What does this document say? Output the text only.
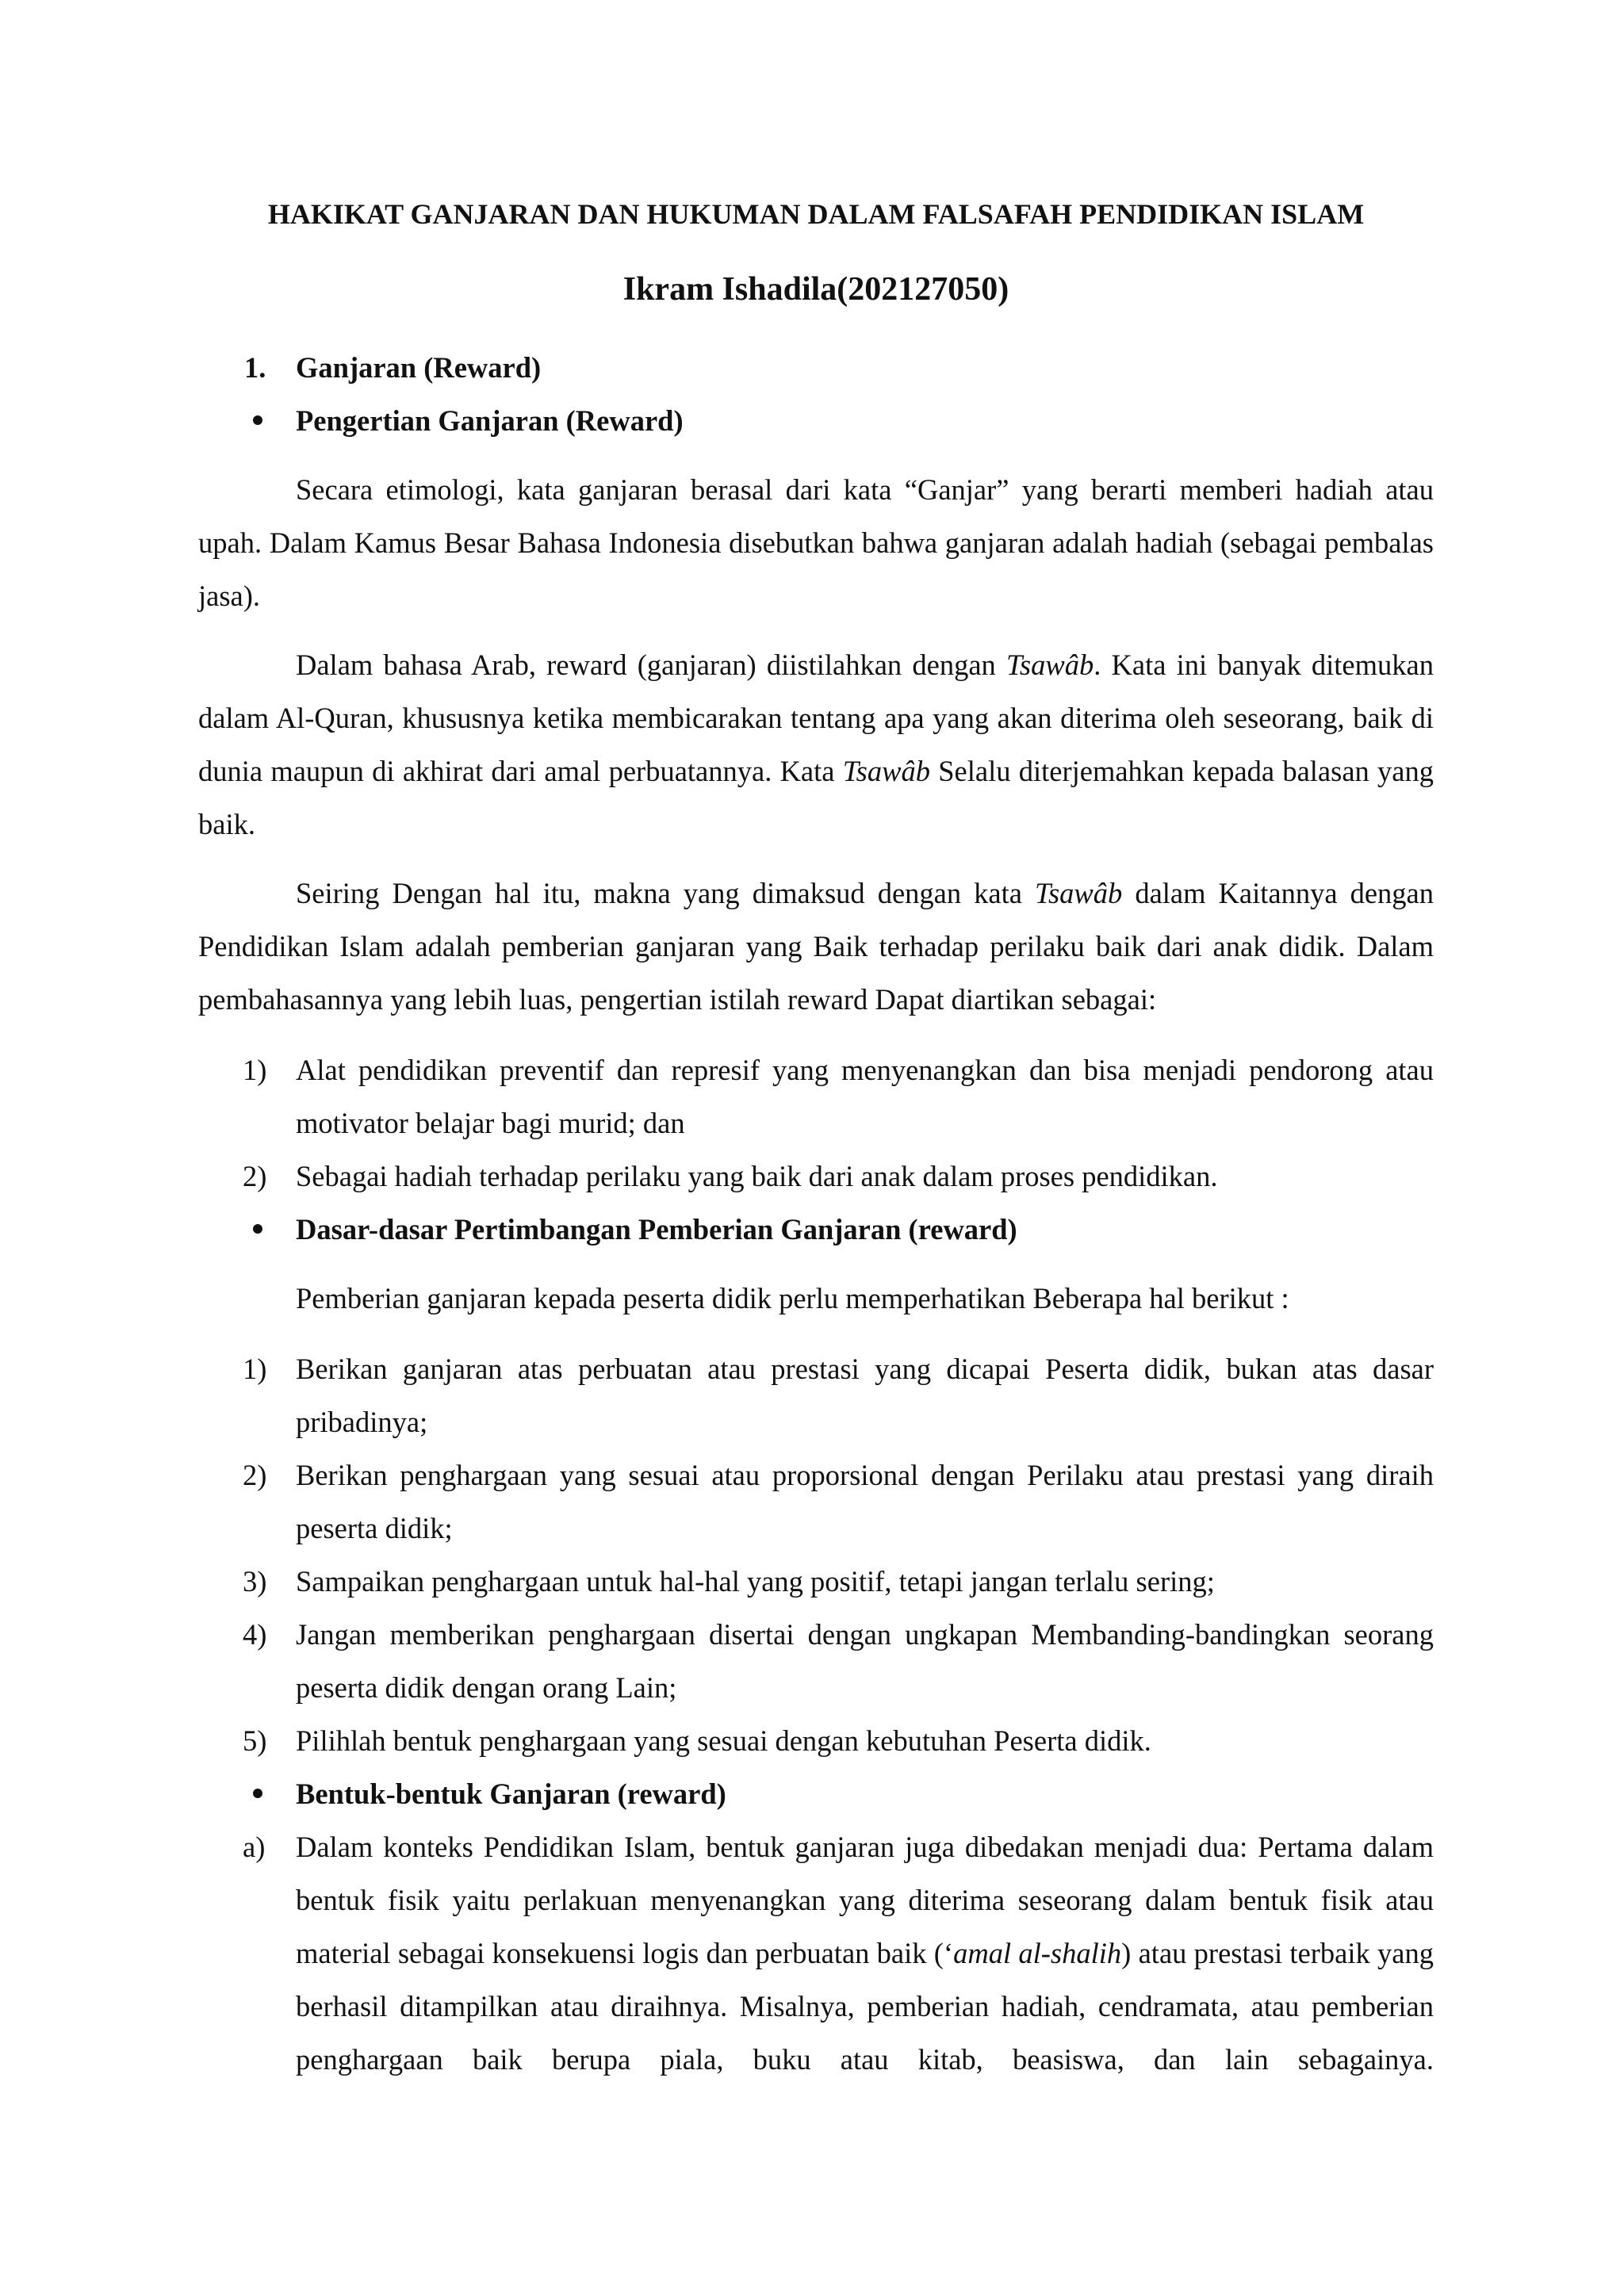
HAKIKAT GANJARAN DAN HUKUMAN DALAM FALSAFAH PENDIDIKAN ISLAM

Ikram Ishadila(202127050)

1. Ganjaran (Reward)
Pengertian Ganjaran (Reward)

Secara etimologi, kata ganjaran berasal dari kata “Ganjar” yang berarti memberi hadiah atau upah. Dalam Kamus Besar Bahasa Indonesia disebutkan bahwa ganjaran adalah hadiah (sebagai pembalas jasa).

Dalam bahasa Arab, reward (ganjaran) diistilahkan dengan Tsawâb. Kata ini banyak ditemukan dalam Al-Quran, khususnya ketika membicarakan tentang apa yang akan diterima oleh seseorang, baik di dunia maupun di akhirat dari amal perbuatannya. Kata Tsawâb Selalu diterjemahkan kepada balasan yang baik.

Seiring Dengan hal itu, makna yang dimaksud dengan kata Tsawâb dalam Kaitannya dengan Pendidikan Islam adalah pemberian ganjaran yang Baik terhadap perilaku baik dari anak didik. Dalam pembahasannya yang lebih luas, pengertian istilah reward Dapat diartikan sebagai:

1) Alat pendidikan preventif dan represif yang menyenangkan dan bisa menjadi pendorong atau motivator belajar bagi murid; dan
2) Sebagai hadiah terhadap perilaku yang baik dari anak dalam proses pendidikan.
Dasar-dasar Pertimbangan Pemberian Ganjaran (reward)

Pemberian ganjaran kepada peserta didik perlu memperhatikan Beberapa hal berikut :

1) Berikan ganjaran atas perbuatan atau prestasi yang dicapai Peserta didik, bukan atas dasar pribadinya;
2) Berikan penghargaan yang sesuai atau proporsional dengan Perilaku atau prestasi yang diraih peserta didik;
3) Sampaikan penghargaan untuk hal-hal yang positif, tetapi jangan terlalu sering;
4) Jangan memberikan penghargaan disertai dengan ungkapan Membanding-bandingkan seorang peserta didik dengan orang Lain;
5) Pilihlah bentuk penghargaan yang sesuai dengan kebutuhan Peserta didik.
Bentuk-bentuk Ganjaran (reward)
a) Dalam konteks Pendidikan Islam, bentuk ganjaran juga dibedakan menjadi dua: Pertama dalam bentuk fisik yaitu perlakuan menyenangkan yang diterima seseorang dalam bentuk fisik atau material sebagai konsekuensi logis dan perbuatan baik (‘amal al-shalih) atau prestasi terbaik yang berhasil ditampilkan atau diraihnya. Misalnya, pemberian hadiah, cendramata, atau pemberian penghargaan baik berupa piala, buku atau kitab, beasiswa, dan lain sebagainya.
